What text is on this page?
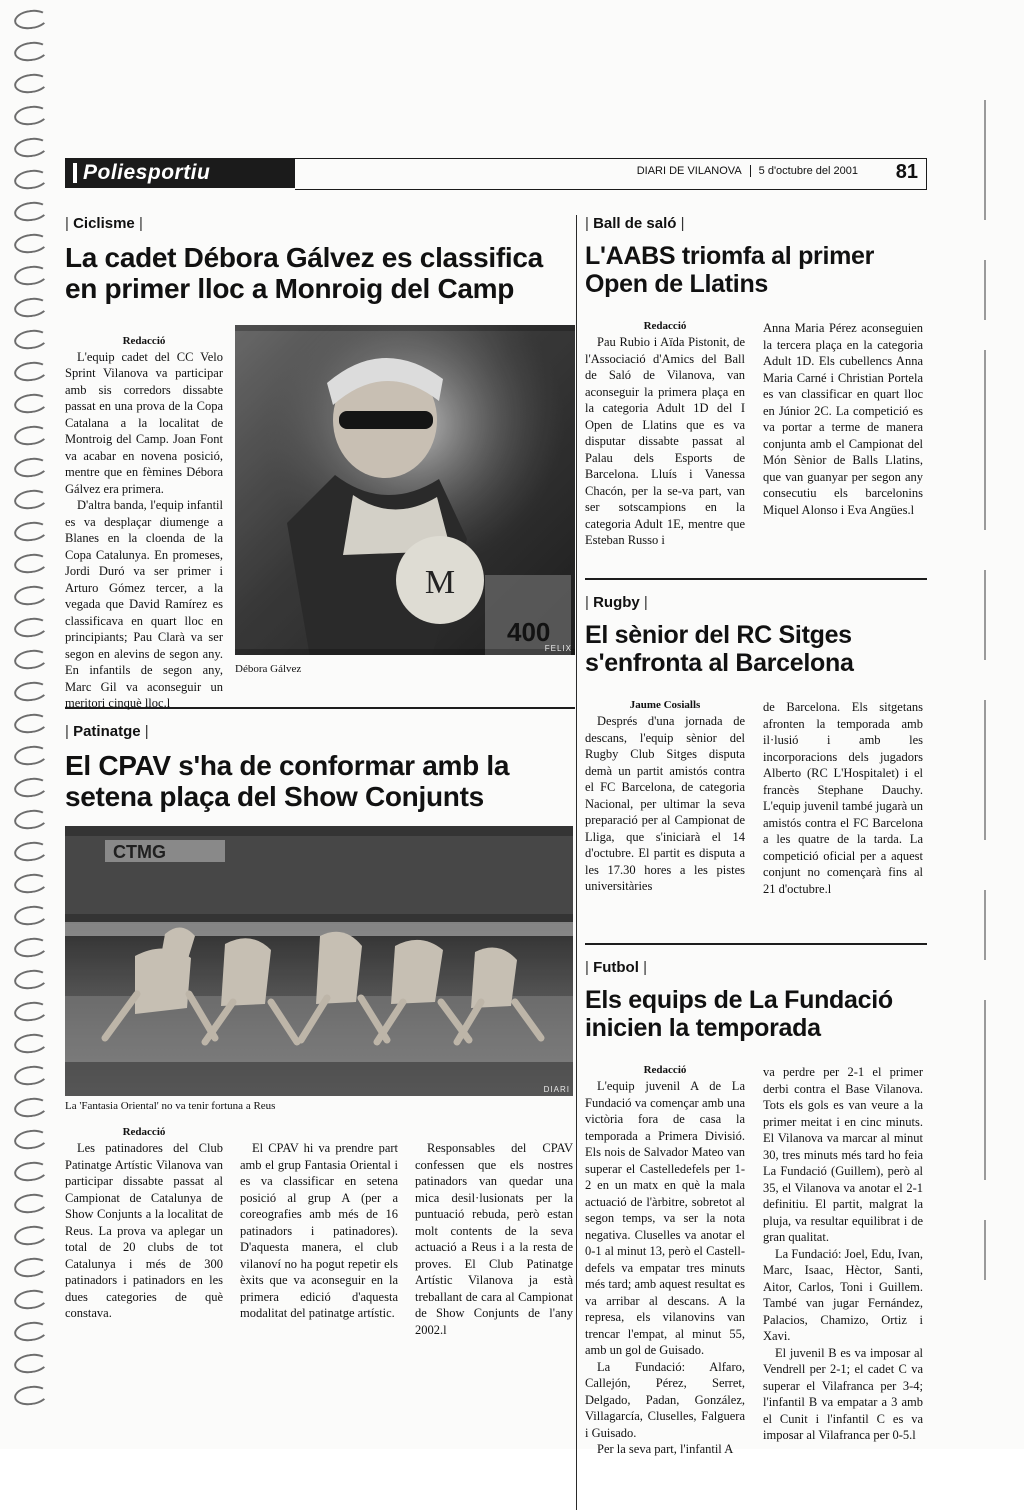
Poliesportiu	DIARI DE VILANOVA 5 d'octubre del 2001	81
| Ciclisme |
La cadet Débora Gálvez es classifica en primer lloc a Monroig del Camp
Redacció

L'equip cadet del CC Velo Sprint Vilanova va participar amb sis corredors dissabte passat en una prova de la Copa Catalana a la localitat de Montroig del Camp. Joan Font va acabar en novena posició, mentre que en fèmines Débora Gálvez era primera.

D'altra banda, l'equip infantil es va desplaçar diumenge a Blanes en la cloenda de la Copa Catalunya. En promeses, Jordi Duró va ser primer i Arturo Gómez tercer, a la vegada que David Ramírez es classificava en quart lloc en principiants; Pau Clarà va ser segon en alevins de segon any. En infantils de segon any, Marc Gil va aconseguir un meritori cinquè lloc.l

M
400
FELIX
Débora Gálvez
| Patinatge |
El CPAV s'ha de conformar amb la setena plaça del Show Conjunts
CTMG
DIARI
La 'Fantasia Oriental' no va tenir fortuna a Reus
Redacció

Les patinadores del Club Patinatge Artístic Vilanova van participar dissabte passat al Campionat de Catalunya de Show Conjunts a la localitat de Reus. La prova va aplegar un total de 20 clubs de tot Catalunya i més de 300 patinadors i patinadors en les dues categories de què constava.

El CPAV hi va prendre part amb el grup Fantasia Oriental i es va classificar en setena posició al grup A (per a coreografies amb més de 16 patinadors i patinadores). D'aquesta manera, el club vilanoví no ha pogut repetir els èxits que va aconseguir en la primera edició d'aquesta modalitat del patinatge artístic.

Responsables del CPAV confessen que els nostres patinadors van quedar una mica desil·lusionats per la puntuació rebuda, però estan molt contents de la seva actuació a Reus i a la resta de proves. El Club Patinatge Artístic Vilanova ja està treballant de cara al Campionat de Show Conjunts de l'any 2002.l

| Ball de saló |
L'AABS triomfa al primer Open de Llatins
Redacció

Pau Rubio i Aïda Pistonit, de l'Associació d'Amics del Ball de Saló de Vilanova, van aconseguir la primera plaça en la categoria Adult 1D del I Open de Llatins que es va disputar dissabte passat al Palau dels Esports de Barcelona. Lluís i Vanessa Chacón, per la se-va part, van ser sotscampions en la categoria Adult 1E, mentre que Esteban Russo i

Anna Maria Pérez aconseguien la tercera plaça en la categoria Adult 1D. Els cubellencs Anna Maria Carné i Christian Portela es van classificar en quart lloc en Júnior 2C. La competició es va portar a terme de manera conjunta amb el Campionat del Món Sènior de Balls Llatins, que van guanyar per segon any consecutiu els barcelonins Miquel Alonso i Eva Angües.l

| Rugby |
El sènior del RC Sitges s'enfronta al Barcelona
Jaume Cosialls

Després d'una jornada de descans, l'equip sènior del Rugby Club Sitges disputa demà un partit amistós contra el FC Barcelona, de categoria Nacional, per ultimar la seva preparació per al Campionat de Lliga, que s'iniciarà el 14 d'octubre. El partit es disputa a les 17.30 hores a les pistes universitàries

de Barcelona. Els sitgetans afronten la temporada amb il·lusió i amb les incorporacions dels jugadors Alberto (RC L'Hospitalet) i el francès Stephane Dauchy. L'equip juvenil també jugarà un amistós contra el FC Barcelona a les quatre de la tarda. La competició oficial per a aquest conjunt no començarà fins al 21 d'octubre.l

| Futbol |
Els equips de La Fundació inicien la temporada
Redacció

L'equip juvenil A de La Fundació va començar amb una victòria fora de casa la temporada a Primera Divisió. Els nois de Salvador Mateo van superar el Castelledefels per 1-2 en un matx en què la mala actuació de l'àrbitre, sobretot al segon temps, va ser la nota negativa. Cluselles va anotar el 0-1 al minut 13, però el Castell-defels va empatar tres minuts més tard; amb aquest resultat es va arribar al descans. A la represa, els vilanovins van trencar l'empat, al minut 55, amb un gol de Guisado.

La Fundació: Alfaro, Callejón, Pérez, Serret, Delgado, Padan, González, Villagarcía, Cluselles, Falguera i Guisado.

Per la seva part, l'infantil A

va perdre per 2-1 el primer derbi contra el Base Vilanova. Tots els gols es van veure a la primer meitat i en cinc minuts. El Vilanova va marcar al minut 30, tres minuts més tard ho feia La Fundació (Guillem), però al 35, el Vilanova va anotar el 2-1 definitiu. El partit, malgrat la pluja, va resultar equilibrat i de gran qualitat.

La Fundació: Joel, Edu, Ivan, Marc, Isaac, Hèctor, Santi, Aitor, Carlos, Toni i Guillem. També van jugar Fernández, Palacios, Chamizo, Ortiz i Xavi.

El juvenil B es va imposar al Vendrell per 2-1; el cadet C va superar el Vilafranca per 3-4; l'infantil B va empatar a 3 amb el Cunit i l'infantil C es va imposar al Vilafranca per 0-5.l
